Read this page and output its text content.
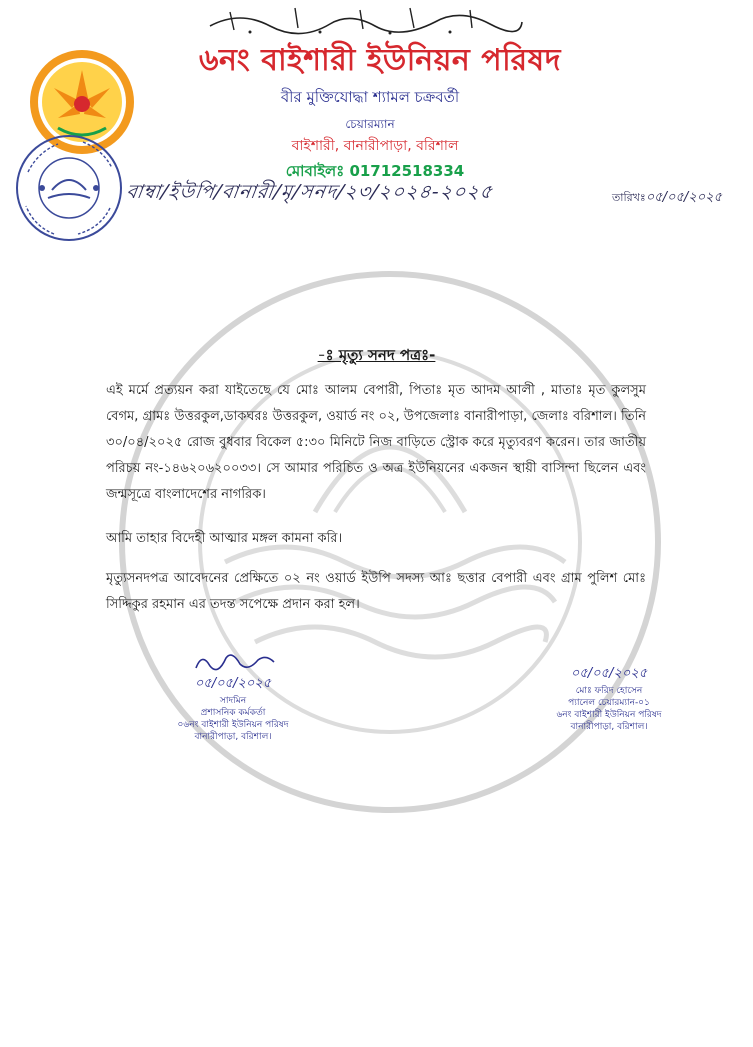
৬নং বাইশারী ইউনিয়ন পরিষদ
বীর মুক্তিযোদ্ধা শ্যামল চক্রবর্তী
চেয়ারম্যান
বাইশারী, বানারীপাড়া, বরিশাল
মোবাইলঃ 01712518334
বাম্বা/ইউপি/বানারী/মৃ/সনদ/২৩/২০২৪-২০২৫	তারিখঃ০৫/০৫/২০২৫
-ঃ মৃত্যু সনদ পত্রঃ-
এই মর্মে প্রত্যয়ন করা যাইতেছে যে মোঃ আলম বেপারী, পিতাঃ মৃত আদম আলী , মাতাঃ মৃত কুলসুম বেগম, গ্রামঃ উত্তরকুল,ডাকঘরঃ উত্তরকুল, ওয়ার্ড নং ০২, উপজেলাঃ বানারীপাড়া, জেলাঃ বরিশাল। তিনি ৩০/০৪/২০২৫ রোজ বুধবার বিকেল ৫:৩০ মিনিটে নিজ বাড়িতে স্ট্রোক করে মৃত্যুবরণ করেন। তার জাতীয় পরিচয় নং-১৪৬২০৬২০০৩৩। সে আমার পরিচিত ও অত্র ইউনিয়নের একজন স্থায়ী বাসিন্দা ছিলেন এবং জন্মসূত্রে বাংলাদেশের নাগরিক।
আমি তাহার বিদেহী আত্মার মঙ্গল কামনা করি।
মৃত্যুসনদপত্র আবেদনের প্রেক্ষিতে ০২ নং ওয়ার্ড ইউপি সদস্য আঃ ছত্তার বেপারী এবং গ্রাম পুলিশ মোঃ সিদ্দিকুর রহমান এর তদন্ত সপেক্ষে প্রদান করা হল।
০৫/০৫/২০২৫
সাদমিন
প্রশাসনিক কর্মকর্তা
০৬নং বাইশারী ইউনিয়ন পরিষদ
বানারীপাড়া, বরিশাল।
০৫/০৫/২০২৫
মোঃ ফরিদ হোসেন
প্যানেল চেয়ারম্যান-০১
৬নং বাইশারী ইউনিয়ন পরিষদ
বানারীপাড়া, বরিশাল।
